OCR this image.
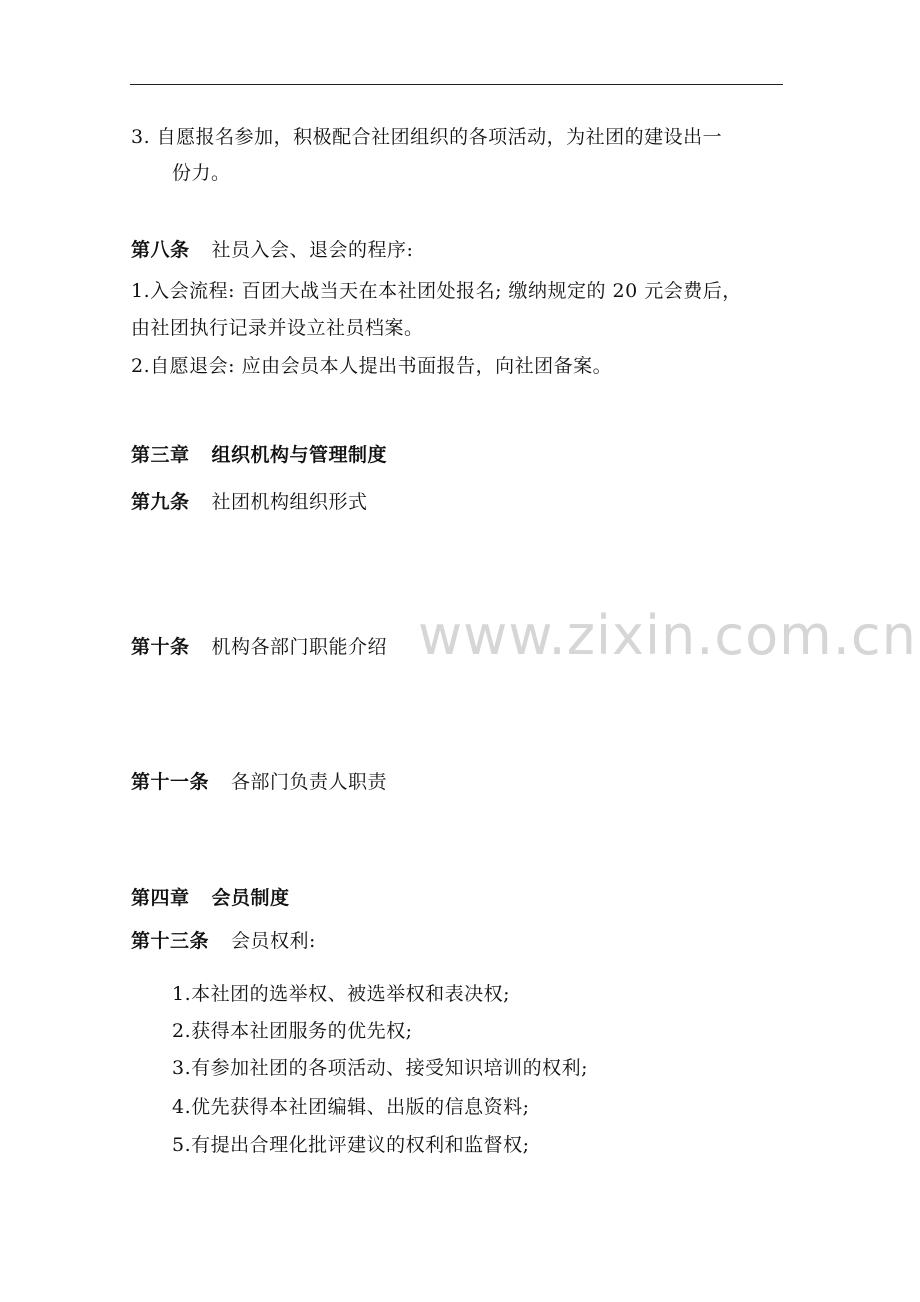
3. 自愿报名参加，积极配合社团组织的各项活动，为社团的建设出一
份力。
第八条 社员入会、退会的程序:
1.入会流程: 百团大战当天在本社团处报名; 缴纳规定的 20 元会费后，
由社团执行记录并设立社员档案。
2.自愿退会: 应由会员本人提出书面报告，向社团备案。
第三章 组织机构与管理制度
第九条 社团机构组织形式
www.zixin.com.cn
第十条 机构各部门职能介绍
第十一条 各部门负责人职责
第四章 会员制度
第十三条 会员权利:
1.本社团的选举权、被选举权和表决权;
2.获得本社团服务的优先权;
3.有参加社团的各项活动、接受知识培训的权利;
4.优先获得本社团编辑、出版的信息资料;
5.有提出合理化批评建议的权利和监督权;
